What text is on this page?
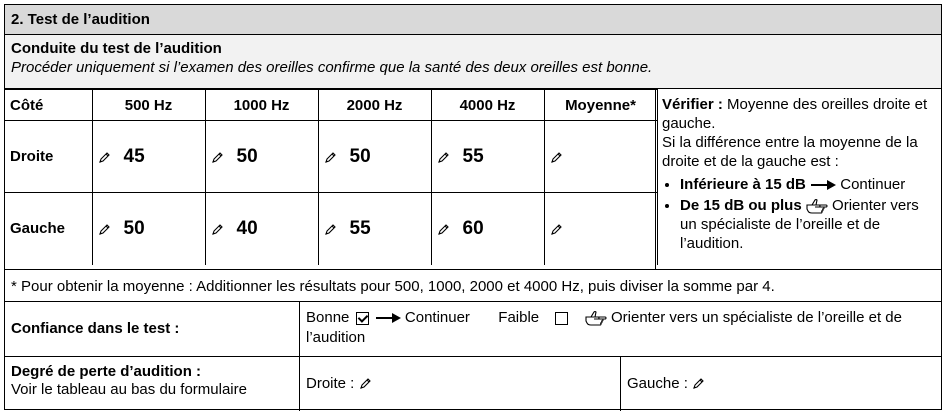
2. Test de l’audition
Conduite du test de l’audition
Procéder uniquement si l’examen des oreilles confirme que la santé des deux oreilles est bonne.
Côté	500 Hz	1000 Hz	2000 Hz	4000 Hz	Moyenne*
Droite	45	50	50	55	
Gauche	50	40	55	60	
Vérifier : Moyenne des oreilles droite et gauche.
Si la différence entre la moyenne de la droite et de la gauche est :
• Inférieure à 15 dB Continuer
• De 15 dB ou plus Orienter vers un spécialiste de l’oreille et de l’audition.
* Pour obtenir la moyenne : Additionner les résultats pour 500, 1000, 2000 et 4000 Hz, puis diviser la somme par 4.
Confiance dans le test :
Bonne	Continuer Faible	Orienter vers un spécialiste de l’oreille et de l’audition
Degré de perte d’audition :
Voir le tableau au bas du formulaire	Droite :	Gauche :
